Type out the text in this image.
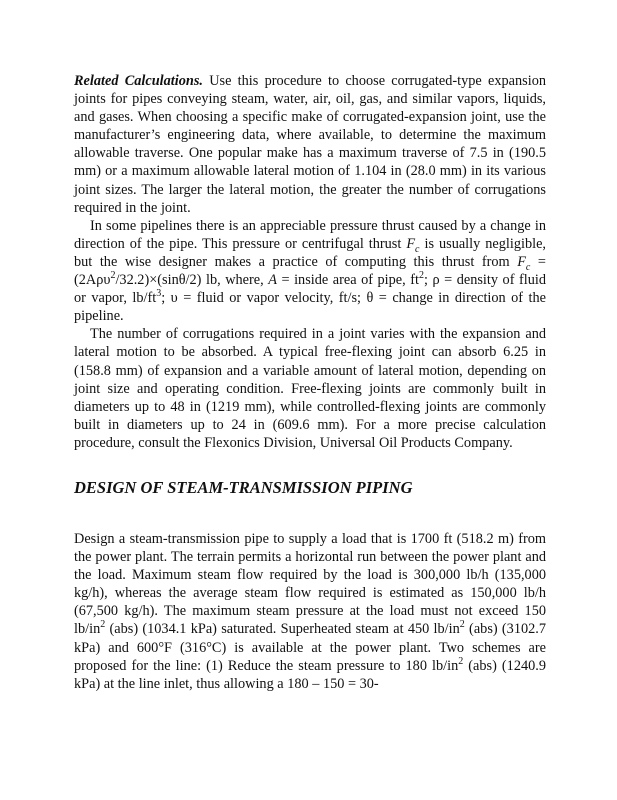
Related Calculations. Use this procedure to choose corrugated-type expansion joints for pipes conveying steam, water, air, oil, gas, and similar vapors, liquids, and gases. When choosing a specific make of corrugated-expansion joint, use the manufacturer’s engineering data, where available, to determine the maximum allowable traverse. One popular make has a maximum traverse of 7.5 in (190.5 mm) or a maximum allowable lateral motion of 1.104 in (28.0 mm) in its various joint sizes. The larger the lateral motion, the greater the number of corrugations required in the joint.

In some pipelines there is an appreciable pressure thrust caused by a change in direction of the pipe. This pressure or centrifugal thrust $F_c$ is usually negligible, but the wise designer makes a practice of computing this thrust from $F_c = (2A\rho\upsilon^2/32.2)\times(\sin\theta/2)$ lb, where, A = inside area of pipe, $ft^2$; ρ = density of fluid or vapor, $lb/ft^3$; υ = fluid or vapor velocity, ft/s; θ = change in direction of the pipeline.

The number of corrugations required in a joint varies with the expansion and lateral motion to be absorbed. A typical free-flexing joint can absorb 6.25 in (158.8 mm) of expansion and a variable amount of lateral motion, depending on joint size and operating condition. Free-flexing joints are commonly built in diameters up to 48 in (1219 mm), while controlled-flexing joints are commonly built in diameters up to 24 in (609.6 mm). For a more precise calculation procedure, consult the Flexonics Division, Universal Oil Products Company.

DESIGN OF STEAM-TRANSMISSION PIPING

Design a steam-transmission pipe to supply a load that is 1700 ft (518.2 m) from the power plant. The terrain permits a horizontal run between the power plant and the load. Maximum steam flow required by the load is 300,000 lb/h (135,000 kg/h), whereas the average steam flow required is estimated as 150,000 lb/h (67,500 kg/h). The maximum steam pressure at the load must not exceed 150 $lb/in^2$ (abs) (1034.1 kPa) saturated. Superheated steam at 450 $lb/in^2$ (abs) (3102.7 kPa) and 600°F (316°C) is available at the power plant. Two schemes are proposed for the line: (1) Reduce the steam pressure to 180 $lb/in^2$ (abs) (1240.9 kPa) at the line inlet, thus allowing a 180 – 150 = 30-
